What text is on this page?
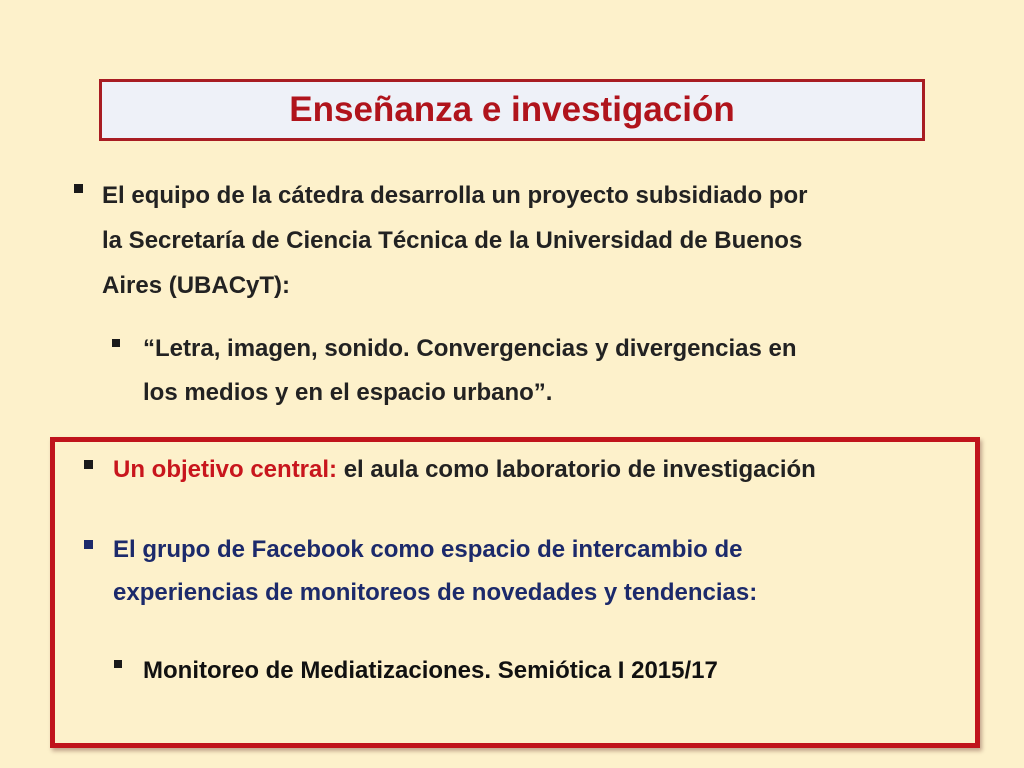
Enseñanza e investigación
El equipo de la cátedra desarrolla un proyecto subsidiado por
la Secretaría de Ciencia Técnica de la Universidad de Buenos
Aires (UBACyT):
“Letra, imagen, sonido. Convergencias y divergencias en
los medios y en el espacio urbano”.
Un objetivo central: el aula como laboratorio de investigación
El grupo de Facebook como espacio de intercambio de
experiencias de monitoreos de novedades y tendencias:
Monitoreo de Mediatizaciones. Semiótica I 2015/17
